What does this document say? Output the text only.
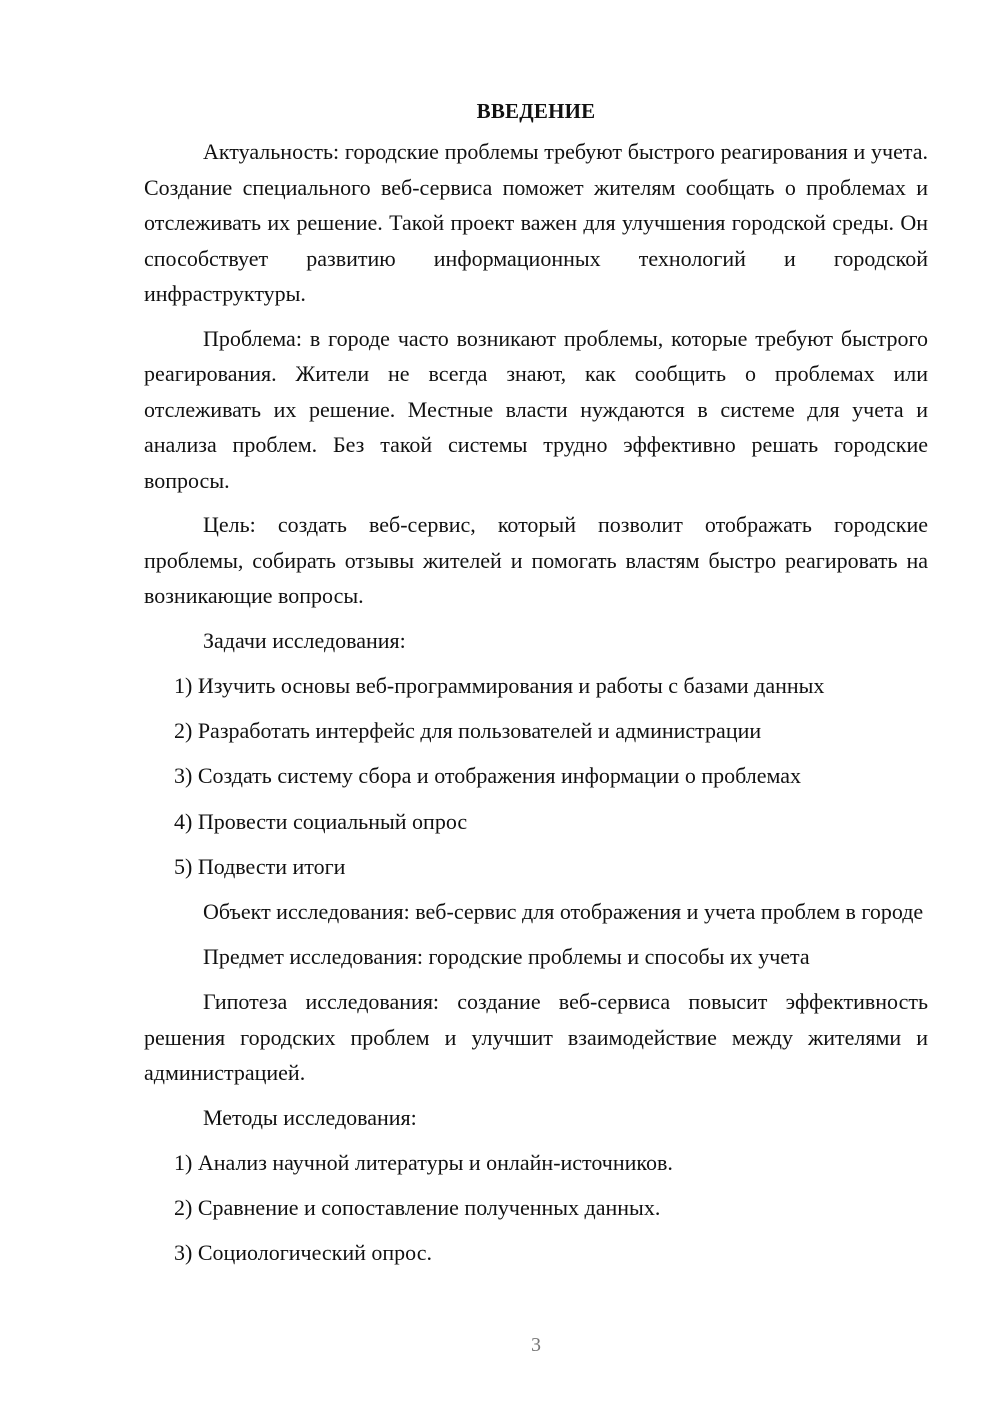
ВВЕДЕНИЕ

Актуальность: городские проблемы требуют быстрого реагирования и учета. Создание специального веб-сервиса поможет жителям сообщать о проблемах и отслеживать их решение. Такой проект важен для улучшения городской среды. Он способствует развитию информационных технологий и городской инфраструктуры.

Проблема: в городе часто возникают проблемы, которые требуют быстрого реагирования. Жители не всегда знают, как сообщить о проблемах или отслеживать их решение. Местные власти нуждаются в системе для учета и анализа проблем. Без такой системы трудно эффективно решать городские вопросы.

Цель: создать веб-сервис, который позволит отображать городские проблемы, собирать отзывы жителей и помогать властям быстро реагировать на возникающие вопросы.

Задачи исследования:
1) Изучить основы веб-программирования и работы с базами данных
2) Разработать интерфейс для пользователей и администрации
3) Создать систему сбора и отображения информации о проблемах
4) Провести социальный опрос
5) Подвести итоги

Объект исследования: веб-сервис для отображения и учета проблем в городе

Предмет исследования: городские проблемы и способы их учета

Гипотеза исследования: создание веб-сервиса повысит эффективность решения городских проблем и улучшит взаимодействие между жителями и администрацией.

Методы исследования:
1) Анализ научной литературы и онлайн-источников.
2) Сравнение и сопоставление полученных данных.
3) Социологический опрос.
3
